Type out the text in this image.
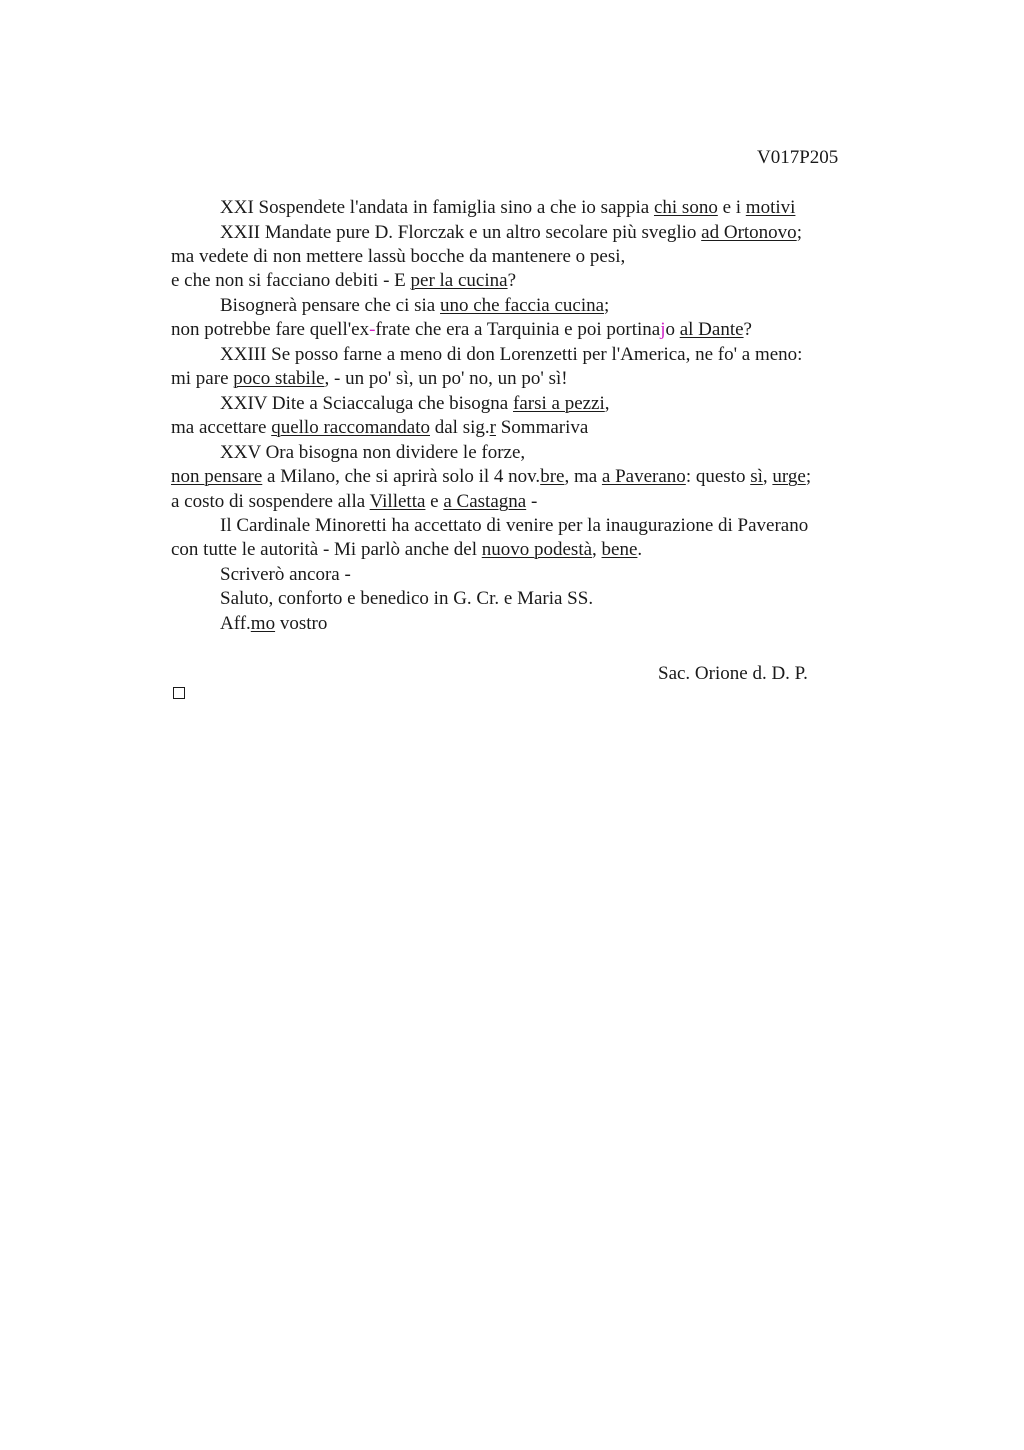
V017P205
XXI Sospendete l'andata in famiglia sino a che io sappia chi sono e i motivi
XXII Mandate pure D. Florczak e un altro secolare più sveglio ad Ortonovo;
ma vedete di non mettere lassù bocche da mantenere o pesi,
e che non si facciano debiti - E per la cucina?
Bisognerà pensare che ci sia uno che faccia cucina;
non potrebbe fare quell'ex-frate che era a Tarquinia e poi portinajo al Dante?
XXIII Se posso farne a meno di don Lorenzetti per l'America, ne fo' a meno:
mi pare poco stabile, - un po' sì, un po' no, un po' sì!
XXIV Dite a Sciaccaluga che bisogna farsi a pezzi,
ma accettare quello raccomandato dal sig.r Sommariva
XXV Ora bisogna non dividere le forze,
non pensare a Milano, che si aprirà solo il 4 nov.bre, ma a Paverano: questo sì, urge;
a costo di sospendere alla Villetta e a Castagna -
Il Cardinale Minoretti ha accettato di venire per la inaugurazione di Paverano
con tutte le autorità - Mi parlò anche del nuovo podestà, bene.
Scriverò ancora -
Saluto, conforto e benedico in G. Cr. e Maria SS.
Aff.mo vostro
Sac. Orione d. D. P.
